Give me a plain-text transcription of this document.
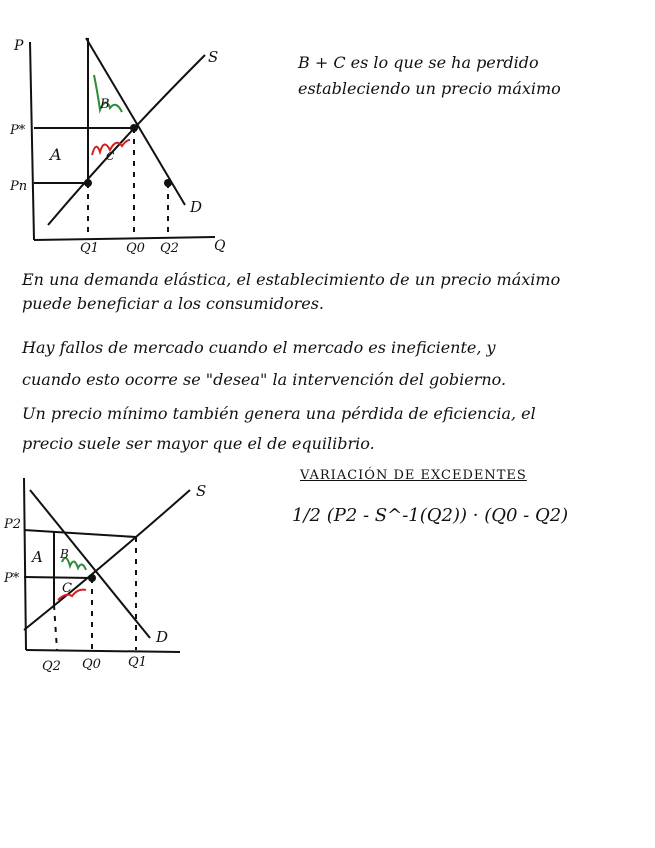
P
Q
P*
Pn
Q1 Q0 Q2
S
D
A
B
C
S
D
P2
P*
Q2 Q0 Q1
A B
C
B + C es lo que se ha perdido
estableciendo un precio máximo
En una demanda elástica, el establecimiento de un precio máximo
puede beneficiar a los consumidores.
Hay fallos de mercado cuando el mercado es ineficiente, y
cuando esto ocorre se "desea" la intervención del gobierno.
Un precio mínimo también genera una pérdida de eficiencia, el
precio suele ser mayor que el de equilibrio.
VARIACIÓN DE EXCEDENTES
1/2 (P2 - S^-1(Q2)) · (Q0 - Q2)
